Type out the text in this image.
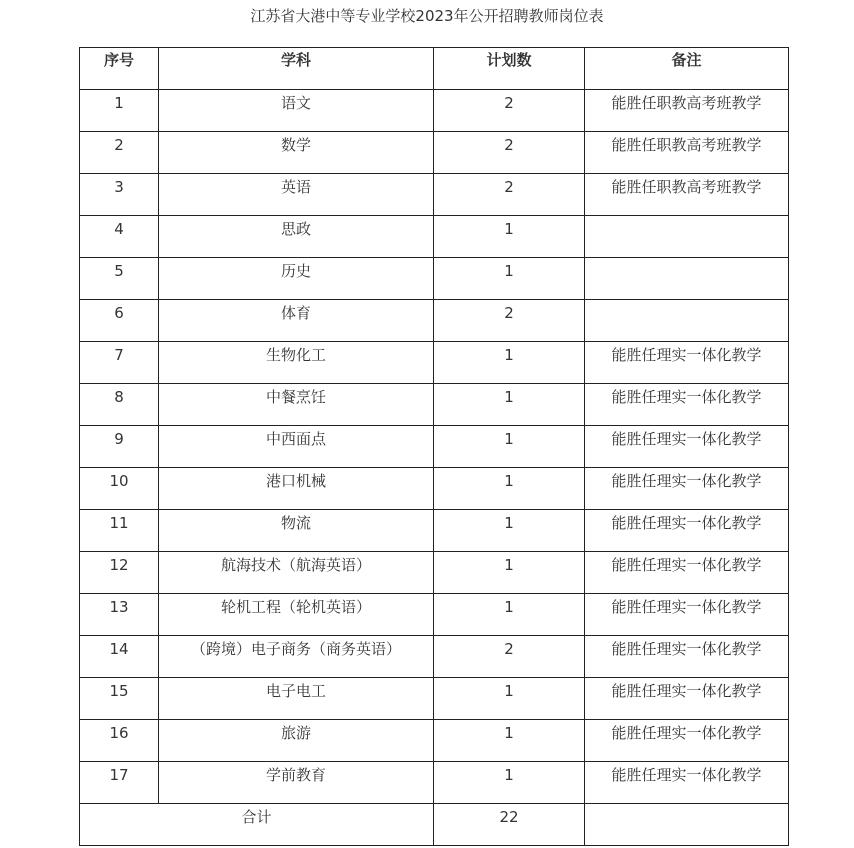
江苏省大港中等专业学校2023年公开招聘教师岗位表
序号	学科	计划数	备注

1	语文	2	能胜任职教高考班教学

2	数学	2	能胜任职教高考班教学

3	英语	2	能胜任职教高考班教学

4	思政	1	

5	历史	1	

6	体育	2	

7	生物化工	1	能胜任理实一体化教学

8	中餐烹饪	1	能胜任理实一体化教学

9	中西面点	1	能胜任理实一体化教学

10	港口机械	1	能胜任理实一体化教学

11	物流	1	能胜任理实一体化教学

12	航海技术（航海英语）	1	能胜任理实一体化教学

13	轮机工程（轮机英语）	1	能胜任理实一体化教学

14	（跨境）电子商务（商务英语）	2	能胜任理实一体化教学

15	电子电工	1	能胜任理实一体化教学

16	旅游	1	能胜任理实一体化教学

17	学前教育	1	能胜任理实一体化教学

合计		22	
